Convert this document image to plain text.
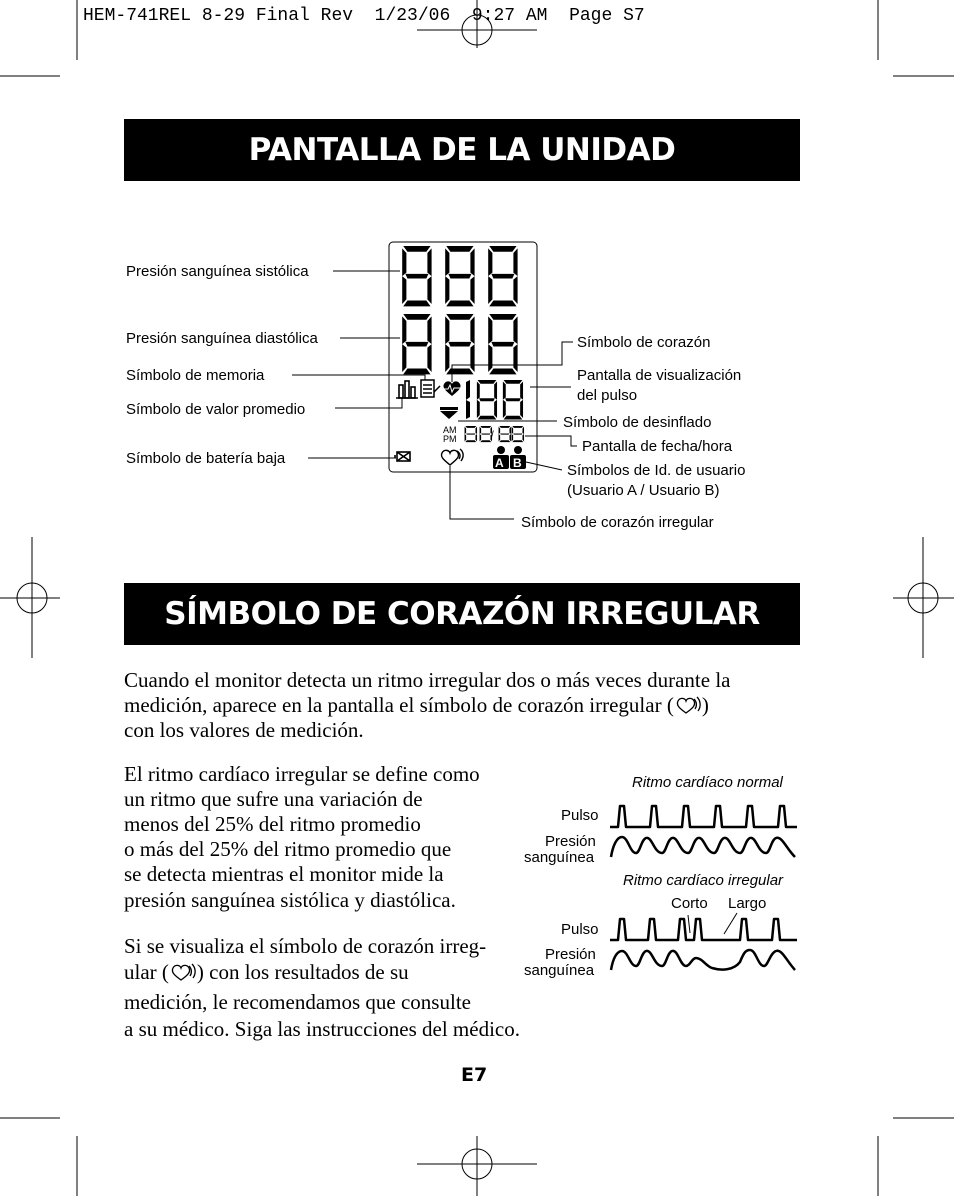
HEM-741REL 8-29 Final Rev  1/23/06  9:27 AM  Page S7
PANTALLA DE LA UNIDAD
AM
PM	/
A B
Presión sanguínea sistólica
Presión sanguínea diastólica
Símbolo de memoria
Símbolo de valor promedio
Símbolo de batería baja
Símbolo de corazón
Pantalla de visualización
del pulso
Símbolo de desinflado
Pantalla de fecha/hora
Símbolos de Id. de usuario
(Usuario A / Usuario B)
Símbolo de corazón irregular
SÍMBOLO DE CORAZÓN IRREGULAR
Cuando el monitor detecta un ritmo irregular dos o más veces durante la
medición, aparece en la pantalla el símbolo de corazón irregular ( )
con los valores de medición.
El ritmo cardíaco irregular se define como
un ritmo que sufre una variación de
menos del 25% del ritmo promedio
o más del 25% del ritmo promedio que
se detecta mientras el monitor mide la
presión sanguínea sistólica y diastólica.
Si se visualiza el símbolo de corazón irreg-
ular ( ) con los resultados de su
medición, le recomendamos que consulte
a su médico. Siga las instrucciones del médico.
Ritmo cardíaco normal
Pulso
Presión
sanguínea
Ritmo cardíaco irregular
Corto Largo
Pulso
Presión
sanguínea
E7
